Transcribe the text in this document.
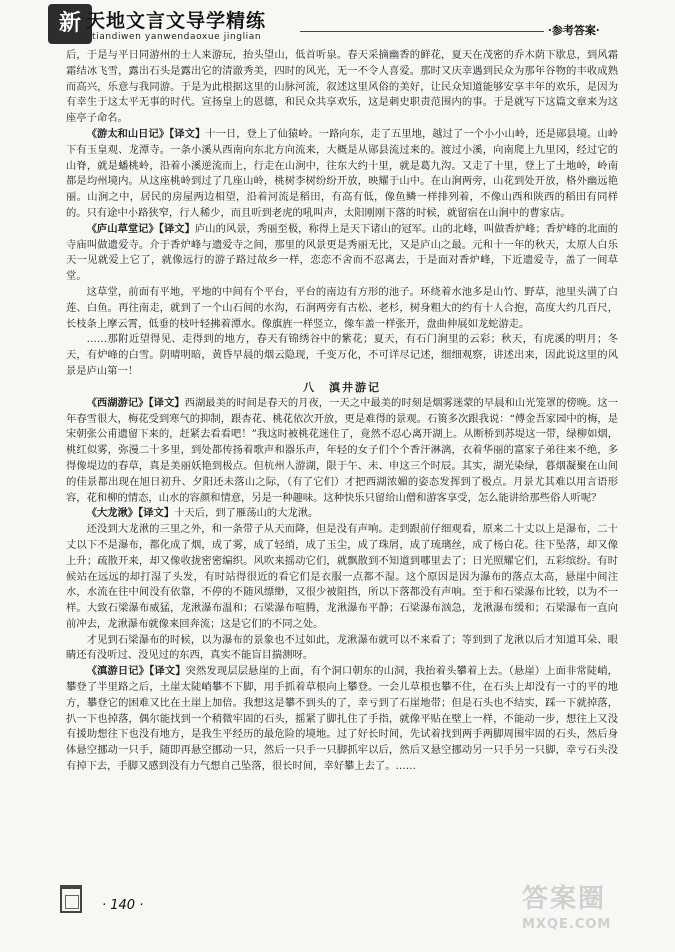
新 天地文言文导学精练
tiandiwen yanwendaoxue jinglian	·参考答案·

后，于是与平日同游州的士人来游玩，抬头望山，低首听泉。春天采摘幽香的鲜花，夏天在茂密的乔木荫下歇息，到风霜霜结冰飞雪，露出石头是露出它的清澈秀美，四时的风光，无一不令人喜爱。那时又庆幸遇到民众为那年谷物的丰收成熟而高兴，乐意与我同游。于是为此根据这里的山脉河流，叙述这里风俗的美好，让民众知道能够安享丰年的欢乐，是因为有幸生于这太平无事的时代。宣扬皇上的恩德，和民众共享欢乐，这是刺史职责范围内的事。于是就写下这篇文章来为这座亭子命名。

《游太和山日记》【译文】十一日，登上了仙猿岭。一路向东，走了五里地，越过了一个小小山岭，还是郧县境。山岭下有玉皇观、龙潭寺。一条小溪从西南向东北方向流来，大概是从郧县流过来的。渡过小溪，向南爬上九里冈，经过它的山脊，就是蟠桃岭，沿着小溪逆流而上，行走在山涧中，往东大约十里，就是葛九沟。又走了十里，登上了土地岭，岭南都是均州境内。从这座桃岭到过了几座山岭，桃树李树纷纷开放，映耀于山中。在山涧两旁，山花到处开放，格外幽远艳丽。山涧之中，居民的房屋两边相望，沿着河流是稻田，有高有低，像鱼鳞一样排列着，不像山西和陕西的稻田有同样的。只有途中小路狭窄，行人稀少，而且听到老虎的吼叫声，太阳刚刚下落的时候，就留宿在山涧中的曹家店。

《庐山草堂记》【译文】庐山的风景，秀丽至极，称得上是天下诸山的冠军。山的北峰，叫做香炉峰；香炉峰的北面的寺庙叫做遗爱寺。介于香炉峰与遗爱寺之间，那里的风景更是秀丽无比，又是庐山之最。元和十一年的秋天，太原人白乐天一见就爱上它了，就像远行的游子路过故乡一样，恋恋不舍而不忍离去，于是面对香炉峰，下近遗爱寺，盖了一间草堂。

这草堂，前面有平地，平地的中间有个平台，平台的南边有方形的池子。环绕着水池多是山竹、野草，池里头满了白莲、白鱼。再往南走，就到了一个山石间的水沟，石涧两旁有古松、老杉，树身粗大的约有十人合抱，高度大约几百尺，长枝条上摩云霄，低垂的枝叶轻拂着潭水。像旗旌一样竖立，像车盖一样张开，盘曲伸展如龙蛇游走。

……那附近望得见、走得到的地方，春天有锦绣谷中的紫花；夏天，有石门涧里的云彩；秋天，有虎溪的明月；冬天，有炉峰的白雪。阴晴明暗，黄昏早晨的烟云隐现，千变万化，不可详尽记述，细细观察，讲述出来，因此说这里的风景是庐山第一！

八　滇井游记

《西湖游记》【译文】西湖最美的时间是春天的月夜，一天之中最美的时刻是烟雾迷蒙的早晨和山光笼罩的傍晚。这一年春雪很大，梅花受到寒气的抑制，跟杏花、桃花依次开放，更是难得的景观。石篑多次跟我说：“傅金吾家园中的梅，是宋朝张公甫遗留下来的，赶紧去看看吧！”我这时被桃花迷住了，竟然不忍心离开湖上。从断桥到苏堤这一带，绿柳如烟，桃红似雾，弥漫二十多里，到处都传扬着歌声和器乐声，年轻的女子们个个香汗淋漓，衣着华丽的富家子弟往来不绝，多得像堤边的春草，真是美丽妖艳到极点。但杭州人游湖，限于午、未、申这三个时辰。其实，湖光染绿，暮烟凝聚在山间的佳景都出现在旭日初升、夕阳还未落山之际，（有了它们）才把西湖浓媚的姿态发挥到了极点。月景尤其难以用言语形容，花和柳的情态，山水的容颜和情意，另是一种趣味。这种快乐只留给山僧和游客享受，怎么能讲给那些俗人听呢？

《大龙湫》【译文】十天后，到了雁荡山的大龙湫。

还没到大龙湫的三里之外，和一条带子从天而降，但是没有声响。走到跟前仔细观看，原来二十丈以上是瀑布，二十丈以下不是瀑布，都化成了烟，成了雾，成了轻绡，成了玉尘，成了珠屑，成了琉璃丝，成了杨白花。往下坠落，却又像上升；疏散开来，却又像收拢密密编织。风吹来摇动它们，就飘散到不知道到哪里去了；日光照耀它们，五彩缤纷。有时候站在远远的却打湿了头发，有时站得很近的看它们是衣服一点都不湿。这个原因是因为瀑布的落点太高，悬崖中间注水，水流在往中间没有依靠，不停的不随风缥缈，又很少被阻挡，所以下落都没有声响。至于和石梁瀑布比较，以为不一样。大致石梁瀑布威猛，龙湫瀑布温和；石梁瀑布喧腾，龙湫瀑布平静；石梁瀑布汹急，龙湫瀑布缓和；石梁瀑布一直向前冲去，龙湫瀑布就像来回奔流；这是它们的不同之处。

才见到石梁瀑布的时候，以为瀑布的景象也不过如此，龙湫瀑布就可以不来看了；等到到了龙湫以后才知道耳朵、眼睛还有没听过、没见过的东西，真实不能盲目揣测呀。

《滇游日记》【译文】突然发现层层悬崖的上面，有个洞口朝东的山洞，我抬着头攀着上去。（悬崖）上面非常陡峭，攀登了半里路之后，土崖太陡峭攀不下脚，用手抓着草根向上攀登。一会儿草根也攀不住，在石头上却没有一寸的平的地方，攀登它的困难又比在土崖上加倍。我想这是攀不到头的了，幸亏到了石崖地带；但是石头也不结实，踩一下就掉落，扒一下也掉落，偶尔能找到一个稍微牢固的石头，摇紧了脚扎住了手指，就像平贴在壁上一样，不能动一步，想往上又没有援助想往下也没有地方，是我生平经历的最危险的境地。过了好长时间，先试着找到两手两脚周围牢固的石头，然后身体悬空挪动一只手，随即再悬空挪动一只，然后一只手一只脚抓牢以后，然后又悬空挪动另一只手另一只脚，幸亏石头没有掉下去，手脚又感到没有力气想自己坠落，很长时间，幸好攀上去了。……

· 140 ·	答案圈
MXQE.COM
